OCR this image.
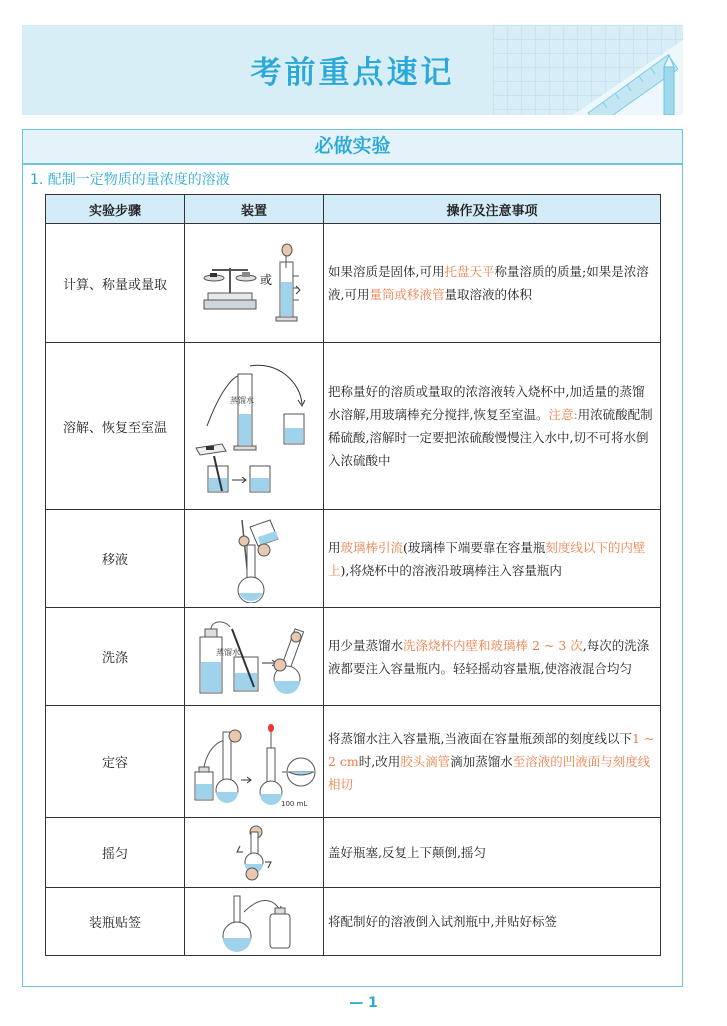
考前重点速记
必做实验
1. 配制一定物质的量浓度的溶液
实验步骤	装置	操作及注意事项
计算、称量或量取	或	如果溶质是固体,可用托盘天平称量溶质的质量;如果是浓溶液,可用量筒或移液管量取溶液的体积
溶解、恢复至室温	蒸馏水	把称量好的溶质或量取的浓溶液转入烧杯中,加适量的蒸馏水溶解,用玻璃棒充分搅拌,恢复至室温。注意:用浓硫酸配制稀硫酸,溶解时一定要把浓硫酸慢慢注入水中,切不可将水倒入浓硫酸中
移液		用玻璃棒引流(玻璃棒下端要靠在容量瓶刻度线以下的内壁上),将烧杯中的溶液沿玻璃棒注入容量瓶内
洗涤	蒸馏水	用少量蒸馏水洗涤烧杯内壁和玻璃棒 2 ~ 3 次,每次的洗涤液都要注入容量瓶内。轻轻摇动容量瓶,使溶液混合均匀
定容	100 mL	将蒸馏水注入容量瓶,当液面在容量瓶颈部的刻度线以下1 ~ 2 cm时,改用胶头滴管滴加蒸馏水至溶液的凹液面与刻度线相切
摇匀		盖好瓶塞,反复上下颠倒,摇匀
装瓶贴签		将配制好的溶液倒入试剂瓶中,并贴好标签
— 1
